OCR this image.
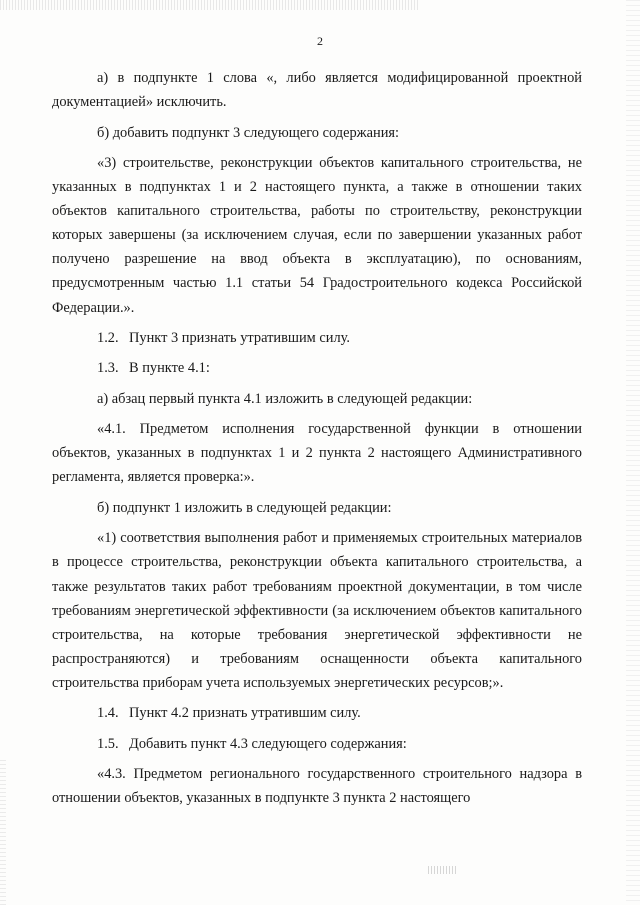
2

а) в подпункте 1 слова «, либо является модифицированной проектной документацией» исключить.

б) добавить подпункт 3 следующего содержания:

«3) строительстве, реконструкции объектов капитального строительства, не указанных в подпунктах 1 и 2 настоящего пункта, а также в отношении таких объектов капитального строительства, работы по строительству, реконструкции которых завершены (за исключением случая, если по завершении указанных работ получено разрешение на ввод объекта в эксплуатацию), по основаниям, предусмотренным частью 1.1 статьи 54 Градостроительного кодекса Российской Федерации.».

1.2. Пункт 3 признать утратившим силу.

1.3. В пункте 4.1:

а) абзац первый пункта 4.1 изложить в следующей редакции:

«4.1. Предметом исполнения государственной функции в отношении объектов, указанных в подпунктах 1 и 2 пункта 2 настоящего Административного регламента, является проверка:».

б) подпункт 1 изложить в следующей редакции:

«1) соответствия выполнения работ и применяемых строительных материалов в процессе строительства, реконструкции объекта капитального строительства, а также результатов таких работ требованиям проектной документации, в том числе требованиям энергетической эффективности (за исключением объектов капитального строительства, на которые требования энергетической эффективности не распространяются) и требованиям оснащенности объекта капитального строительства приборам учета используемых энергетических ресурсов;».

1.4. Пункт 4.2 признать утратившим силу.

1.5. Добавить пункт 4.3 следующего содержания:

«4.3. Предметом регионального государственного строительного надзора в отношении объектов, указанных в подпункте 3 пункта 2 настоящего
